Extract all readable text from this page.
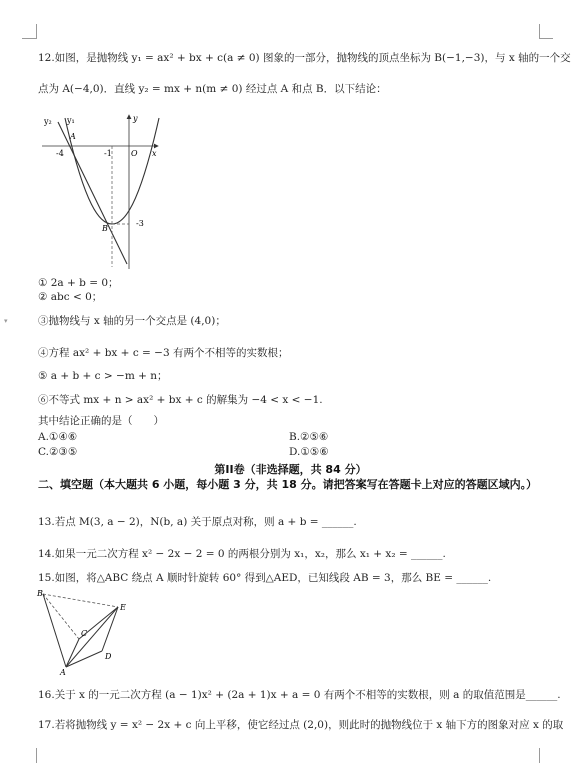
▾
12.如图，是抛物线 y₁ = ax² + bx + c(a ≠ 0) 图象的一部分，抛物线的顶点坐标为 B(−1,−3)，与 x 轴的一个交
点为 A(−4,0)．直线 y₂ = mx + n(m ≠ 0) 经过点 A 和点 B．以下结论：
y₂ y₁	y
A
-4	-1 O x
B
-3
① 2a + b = 0；
② abc < 0；
③抛物线与 x 轴的另一个交点是 (4,0)；
④方程 ax² + bx + c = −3 有两个不相等的实数根；
⑤ a + b + c > −m + n；
⑥不等式 mx + n > ax² + bx + c 的解集为 −4 < x < −1.
其中结论正确的是（　　）
A.①④⑥	B.②⑤⑥
C.②③⑤	D.①⑤⑥
第II卷（非选择题，共 84 分）
二、填空题（本大题共 6 小题，每小题 3 分，共 18 分。请把答案写在答题卡上对应的答题区域内。）
13.若点 M(3, a − 2)，N(b, a) 关于原点对称，则 a + b = ______.
14.如果一元二次方程 x² − 2x − 2 = 0 的两根分别为 x₁，x₂，那么 x₁ + x₂ = ______.
15.如图，将△ABC 绕点 A 顺时针旋转 60° 得到△AED，已知线段 AB = 3，那么 BE = ______.
B
E
C
D
A
16.关于 x 的一元二次方程 (a − 1)x² + (2a + 1)x + a = 0 有两个不相等的实数根，则 a 的取值范围是______.
17.若将抛物线 y = x² − 2x + c 向上平移，使它经过点 (2,0)，则此时的抛物线位于 x 轴下方的图象对应 x 的取
